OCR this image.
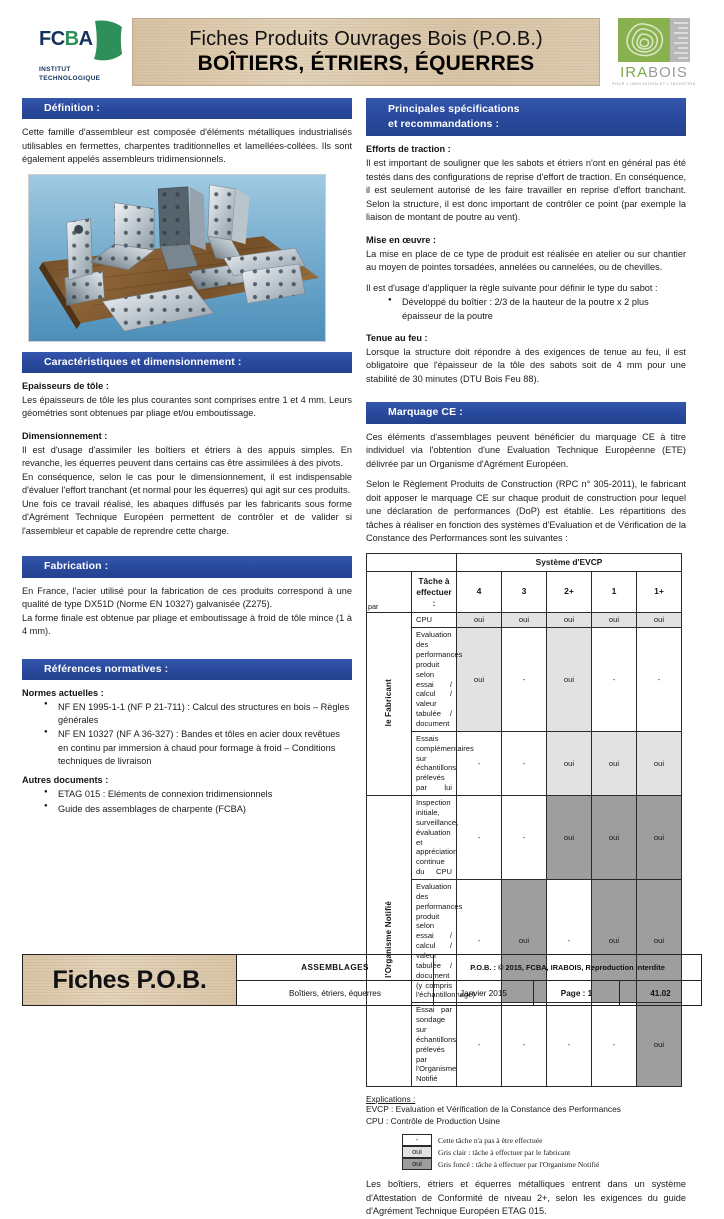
FCBA
INSTITUT
TECHNOLOGIQUE
Fiches Produits Ouvrages Bois (P.O.B.)
BOÎTIERS, ÉTRIERS, ÉQUERRES	IRABOIS
POUR L'INNOVATION ET L'INDUSTRIE
Définition :

Cette famille d'assembleur est composée d'éléments métalliques industrialisés utilisables en fermettes, charpentes traditionnelles et lamellées-collées. Ils sont également appelés assembleurs tridimensionnels.

Caractéristiques et dimensionnement :

Epaisseurs de tôle :

Les épaisseurs de tôle les plus courantes sont comprises entre 1 et 4 mm. Leurs géométries sont obtenues par pliage et/ou emboutissage.

Dimensionnement :

Il est d'usage d'assimiler les boîtiers et étriers à des appuis simples. En revanche, les équerres peuvent dans certains cas être assimilées à des pivots.

En conséquence, selon le cas pour le dimensionnement, il est indispensable d'évaluer l'effort tranchant (et normal pour les équerres) qui agit sur ces produits.

Une fois ce travail réalisé, les abaques diffusés par les fabricants sous forme d'Agrément Technique Européen permettent de contrôler et de valider si l'assembleur et capable de reprendre cette charge.

Fabrication :

En France, l'acier utilisé pour la fabrication de ces produits correspond à une qualité de type DX51D (Norme EN 10327) galvanisée (Z275).

La forme finale est obtenue par pliage et emboutissage à froid de tôle mince (1 à 4 mm).

Références normatives :

Normes actuelles :

● NF EN 1995-1-1 (NF P 21-711) : Calcul des structures en bois – Règles générales
● NF EN 10327 (NF A 36-327) : Bandes et tôles en acier doux revêtues en continu par immersion à chaud pour formage à froid – Conditions techniques de livraison

Autres documents :

● ETAG 015 : Eléments de connexion tridimensionnels
● Guide des assemblages de charpente (FCBA)
Principales spécifications
et recommandations :

Efforts de traction :

Il est important de souligner que les sabots et étriers n'ont en général pas été testés dans des configurations de reprise d'effort de traction. En conséquence, il est seulement autorisé de les faire travailler en reprise d'effort tranchant. Selon la structure, il est donc important de contrôler ce point (par exemple la liaison de montant de poutre au vent).

Mise en œuvre :

La mise en place de ce type de produit est réalisée en atelier ou sur chantier au moyen de pointes torsadées, annelées ou cannelées, ou de chevilles.

Il est d'usage d'appliquer la règle suivante pour définir le type du sabot :

● Développé du boîtier : 2/3 de la hauteur de la poutre x 2 plus épaisseur de la poutre

Tenue au feu :

Lorsque la structure doit répondre à des exigences de tenue au feu, il est obligatoire que l'épaisseur de la tôle des sabots soit de 4 mm pour une stabilité de 30 minutes (DTU Bois Feu 88).

Marquage CE :

Ces éléments d'assemblages peuvent bénéficier du marquage CE à titre individuel via l'obtention d'une Evaluation Technique Européenne (ETE) délivrée par un Organisme d'Agrément Européen.

Selon le Règlement Produits de Construction (RPC n° 305-2011), le fabricant doit apposer le marquage CE sur chaque produit de construction pour lequel une déclaration de performances (DoP) est établie. Les répartitions des tâches à réaliser en fonction des systèmes d'Evaluation et de Vérification de la Constance des Performances sont les suivantes :

		Système d'EVCP				
par	Tâche à effectuer :	4	3	2+	1	1+
le Fabricant	CPU	oui	oui	oui	oui	oui
	Evaluation des performances produit selon essai / calcul / valeur tabulée / document	oui	-	oui	-	-
	Essais complémentaires sur échantillons prélevés par lui	-	-	oui	oui	oui
l'Organisme Notifié	Inspection initiale, surveillance, évaluation et appréciation continue du CPU	-	-	oui	oui	oui
	Evaluation des performances produit selon essai / calcul / valeur tabulée / document (y compris l'échantillonnage)	-	oui	-	oui	oui
	Essai par sondage sur échantillons prélevés par l'Organisme Notifié	-	-	-	-	oui

Explications :

EVCP : Evaluation et Vérification de la Constance des Performances
CPU : Contrôle de Production Usine
-	Cette tâche n'a pas à être effectuée
oui	Gris clair : tâche à effectuer par le fabricant
oui	Gris foncé : tâche à effectuer par l'Organisme Notifié

Les boîtiers, étriers et équerres métalliques entrent dans un système d'Attestation de Conformité de niveau 2+, selon les exigences du guide d'Agrément Technique Européen ETAG 015.

Fiches P.O.B.	ASSEMBLAGES	P.O.B. : © 2015, FCBA, IRABOIS, Reproduction interdite
Boîtiers, étriers, équerres	Janvier 2015	Page : 1	41.02
